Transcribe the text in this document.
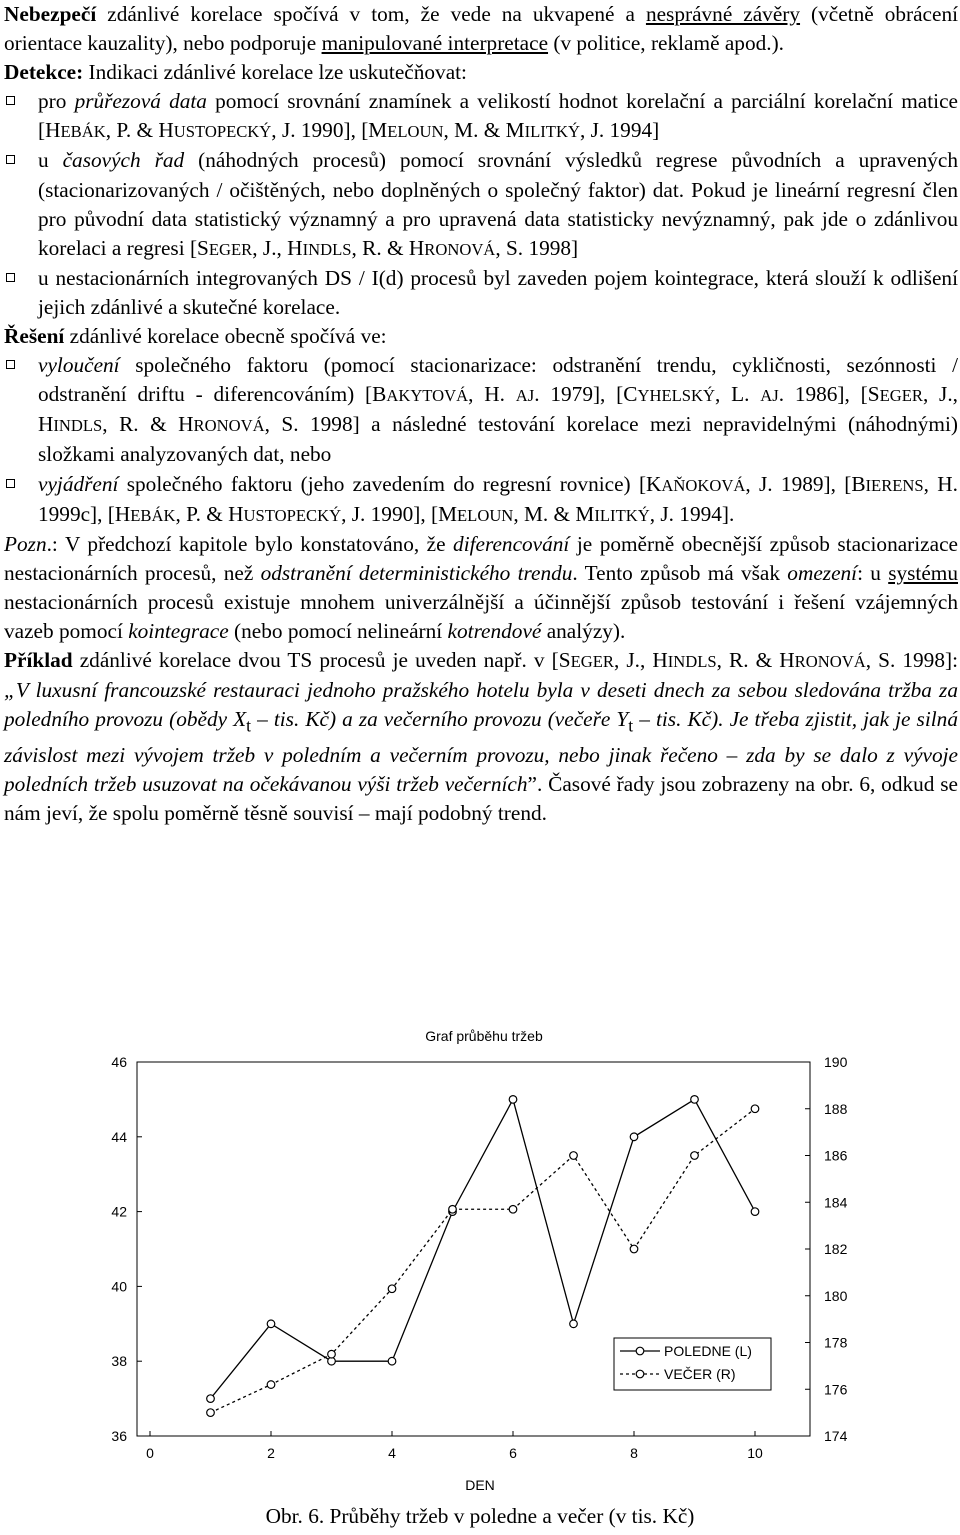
Nebezpečí zdánlivé korelace spočívá v tom, že vede na ukvapené a nesprávné závěry (včetně obrácení orientace kauzality), nebo podporuje manipulované interpretace (v politice, reklamě apod.).

Detekce: Indikaci zdánlivé korelace lze uskutečňovat:

pro průřezová data pomocí srovnání znamínek a velikostí hodnot korelační a parciální korelační matice [HEBÁK, P. & HUSTOPECKÝ, J. 1990], [MELOUN, M. & MILITKÝ, J. 1994]

u časových řad (náhodných procesů) pomocí srovnání výsledků regrese původních a upravených (stacionarizovaných / očištěných, nebo doplněných o společný faktor) dat. Pokud je lineární regresní člen pro původní data statistický významný a pro upravená data statisticky nevýznamný, pak jde o zdánlivou korelaci a regresi [SEGER, J., HINDLS, R. & HRONOVÁ, S. 1998]

u nestacionárních integrovaných DS / I(d) procesů byl zaveden pojem kointegrace, která slouží k odlišení jejich zdánlivé a skutečné korelace.

Řešení zdánlivé korelace obecně spočívá ve:

vyloučení společného faktoru (pomocí stacionarizace: odstranění trendu, cykličnosti, sezónnosti / odstranění driftu - diferencováním) [BAKYTOVÁ, H. AJ. 1979], [CYHELSKÝ, L. AJ. 1986], [SEGER, J., HINDLS, R. & HRONOVÁ, S. 1998] a následné testování korelace mezi nepravidelnými (náhodnými) složkami analyzovaných dat, nebo

vyjádření společného faktoru (jeho zavedením do regresní rovnice) [KAŇOKOVÁ, J. 1989], [BIERENS, H. 1999c], [HEBÁK, P. & HUSTOPECKÝ, J. 1990], [MELOUN, M. & MILITKÝ, J. 1994].

Pozn.: V předchozí kapitole bylo konstatováno, že diferencování je poměrně obecnější způsob stacionarizace nestacionárních procesů, než odstranění deterministického trendu. Tento způsob má však omezení: u systému nestacionárních procesů existuje mnohem univerzálnější a účinnější způsob testování i řešení vzájemných vazeb pomocí kointegrace (nebo pomocí nelineární kotrendové analýzy).

Příklad zdánlivé korelace dvou TS procesů je uveden např. v [SEGER, J., HINDLS, R. & HRONOVÁ, S. 1998]: „V luxusní francouzské restauraci jednoho pražského hotelu byla v deseti dnech za sebou sledována tržba za poledního provozu (obědy $X_t$ – tis. Kč) a za večerního provozu (večeře $Y_t$ – tis. Kč). Je třeba zjistit, jak je silná závislost mezi vývojem tržeb v poledním a večerním provozu, nebo jinak řečeno – zda by se dalo z vývoje poledních tržeb usuzovat na očekávanou výši tržeb večerních”. Časové řady jsou zobrazeny na obr. 6, odkud se nám jeví, že spolu poměrně těsně souvisí – mají podobný trend.

Graf průběhu tržeb
36
38
40
42
44
46
174
176
178
180
182
184
186
188
190
0	2	4	6	8	10
POLEDNE (L)
VEČER (R)
DEN
Obr. 6. Průběhy tržeb v poledne a večer (v tis. Kč)
